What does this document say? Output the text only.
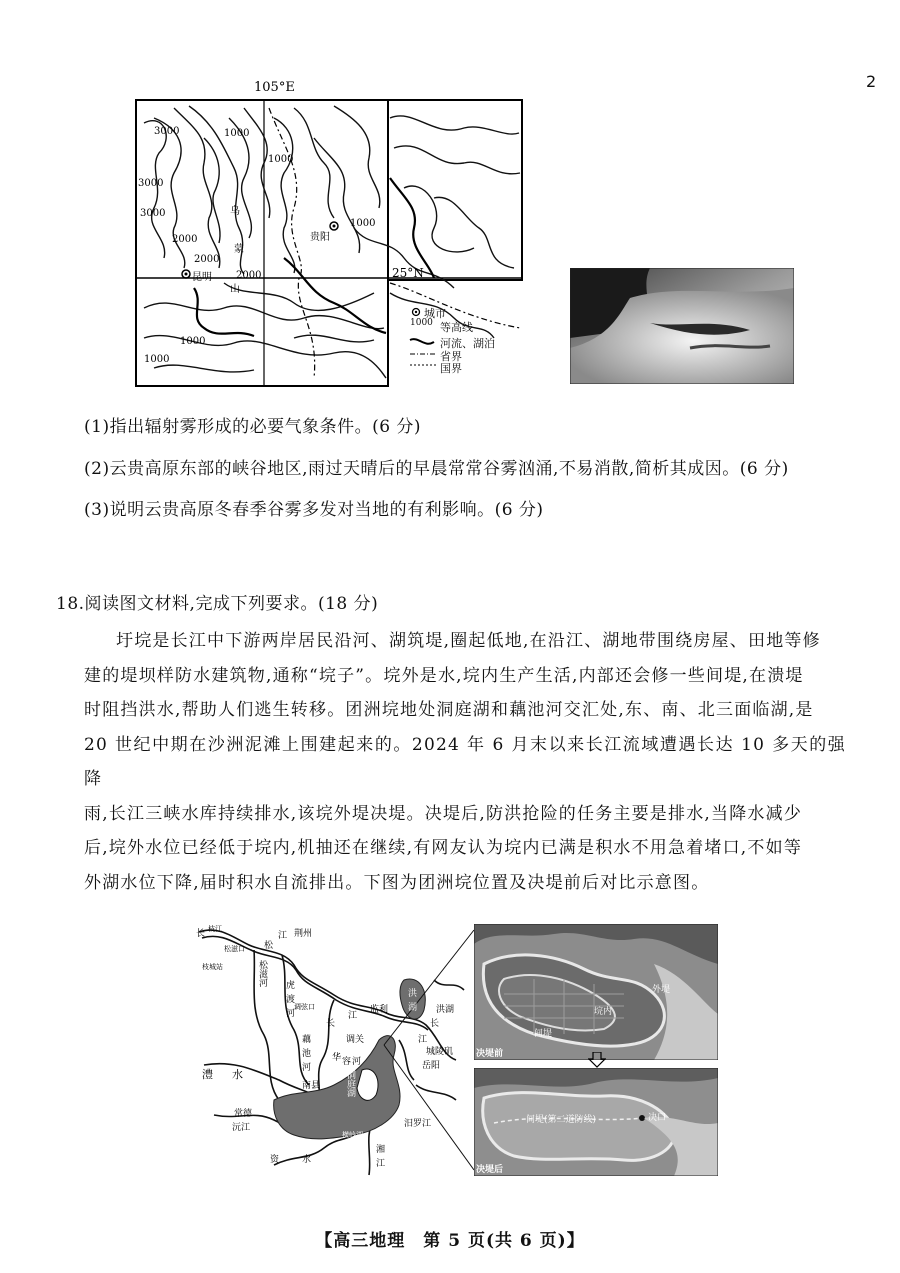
2
105°E
25°N
3000	1000
3000
3000
1000
2000
1000
2000
2000
1000
1000
乌
蒙
山
贵阳
昆明
城市
1000 等高线
河流、湖泊
省界
国界
(1)指出辐射雾形成的必要气象条件。(6 分)
(2)云贵高原东部的峡谷地区,雨过天晴后的早晨常常谷雾汹涌,不易消散,简析其成因。(6 分)
(3)说明云贵高原冬春季谷雾多发对当地的有利影响。(6 分)
18.阅读图文材料,完成下列要求。(18 分)

圩垸是长江中下游两岸居民沿河、湖筑堤,圈起低地,在沿江、湖地带围绕房屋、田地等修

建的堤坝样防水建筑物,通称“垸子”。垸外是水,垸内生产生活,内部还会修一些间堤,在溃堤

时阻挡洪水,帮助人们逃生转移。团洲垸地处洞庭湖和藕池河交汇处,东、南、北三面临湖,是

20 世纪中期在沙洲泥滩上围建起来的。2024 年 6 月末以来长江流域遭遇长达 10 多天的强降

雨,长江三峡水库持续排水,该垸外堤决堤。决堤后,防洪抢险的任务主要是排水,当降水减少

后,垸外水位已经低于垸内,机抽还在继续,有网友认为垸内已满是积水不用急着堵口,不如等

外湖水位下降,届时积水自流排出。下图为团洲垸位置及决堤前后对比示意图。

长 枝江
松
江 荆州
松滋河 虎
渡
河
调弦口
长
江
监利	洪湖
洪
湖
长
江
城陵矶
岳阳
调关
藕
池
河
华 容 河
南县
澧 水
常德
沅江
洞庭湖
汨罗江
横岭湖
资	水
湘
江
枝城站
松滋口
外堤
间堤
垸内
决堤前
间堤(第二道防线)	决口
决堤后
【高三地理　第 5 页(共 6 页)】
